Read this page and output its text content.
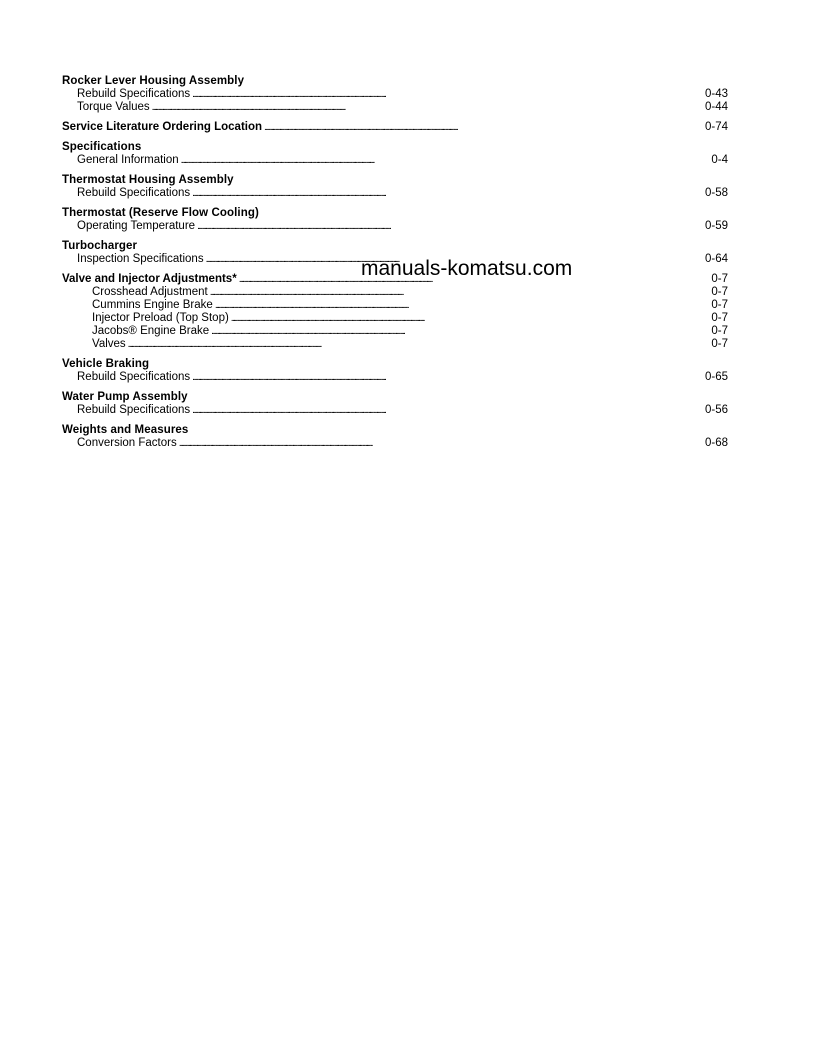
Rocker Lever Housing Assembly
Rebuild Specifications . . .	0-43
Torque Values . . .	0-44
Service Literature Ordering Location . . .	0-74
Specifications
General Information . . .	0-4
Thermostat Housing Assembly
Rebuild Specifications . . .	0-58
Thermostat (Reserve Flow Cooling)
Operating Temperature . . .	0-59
Turbocharger
Inspection Specifications . . .	0-64
Valve and Injector Adjustments* . . .	0-7
Crosshead Adjustment . . .	0-7
Cummins Engine Brake . . .	0-7
Injector Preload (Top Stop) . . .	0-7
Jacobs® Engine Brake . . .	0-7
Valves . . .	0-7
Vehicle Braking
Rebuild Specifications . . .	0-65
Water Pump Assembly
Rebuild Specifications . . .	0-56
Weights and Measures
Conversion Factors . . .	0-68
manuals-komatsu.com
